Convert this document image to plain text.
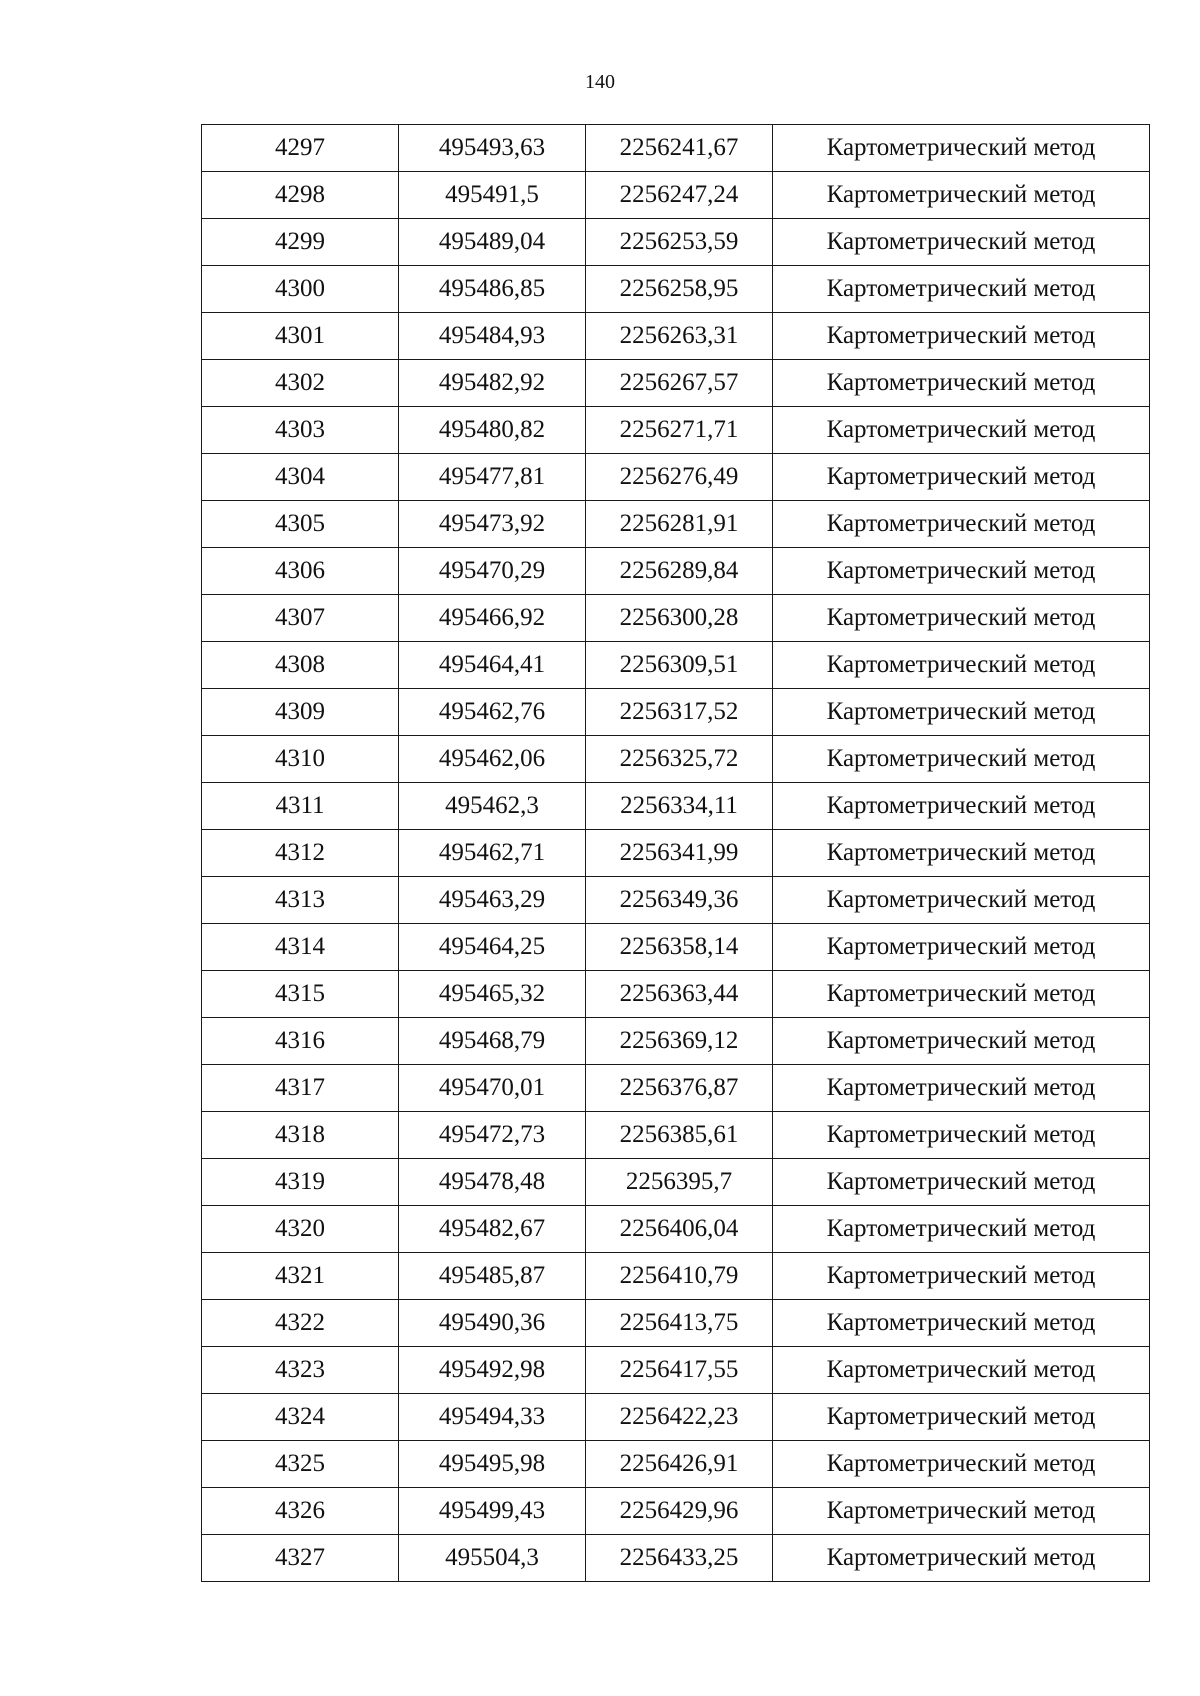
140
4297	495493,63	2256241,67	Картометрический метод
4298	495491,5	2256247,24	Картометрический метод
4299	495489,04	2256253,59	Картометрический метод
4300	495486,85	2256258,95	Картометрический метод
4301	495484,93	2256263,31	Картометрический метод
4302	495482,92	2256267,57	Картометрический метод
4303	495480,82	2256271,71	Картометрический метод
4304	495477,81	2256276,49	Картометрический метод
4305	495473,92	2256281,91	Картометрический метод
4306	495470,29	2256289,84	Картометрический метод
4307	495466,92	2256300,28	Картометрический метод
4308	495464,41	2256309,51	Картометрический метод
4309	495462,76	2256317,52	Картометрический метод
4310	495462,06	2256325,72	Картометрический метод
4311	495462,3	2256334,11	Картометрический метод
4312	495462,71	2256341,99	Картометрический метод
4313	495463,29	2256349,36	Картометрический метод
4314	495464,25	2256358,14	Картометрический метод
4315	495465,32	2256363,44	Картометрический метод
4316	495468,79	2256369,12	Картометрический метод
4317	495470,01	2256376,87	Картометрический метод
4318	495472,73	2256385,61	Картометрический метод
4319	495478,48	2256395,7	Картометрический метод
4320	495482,67	2256406,04	Картометрический метод
4321	495485,87	2256410,79	Картометрический метод
4322	495490,36	2256413,75	Картометрический метод
4323	495492,98	2256417,55	Картометрический метод
4324	495494,33	2256422,23	Картометрический метод
4325	495495,98	2256426,91	Картометрический метод
4326	495499,43	2256429,96	Картометрический метод
4327	495504,3	2256433,25	Картометрический метод
